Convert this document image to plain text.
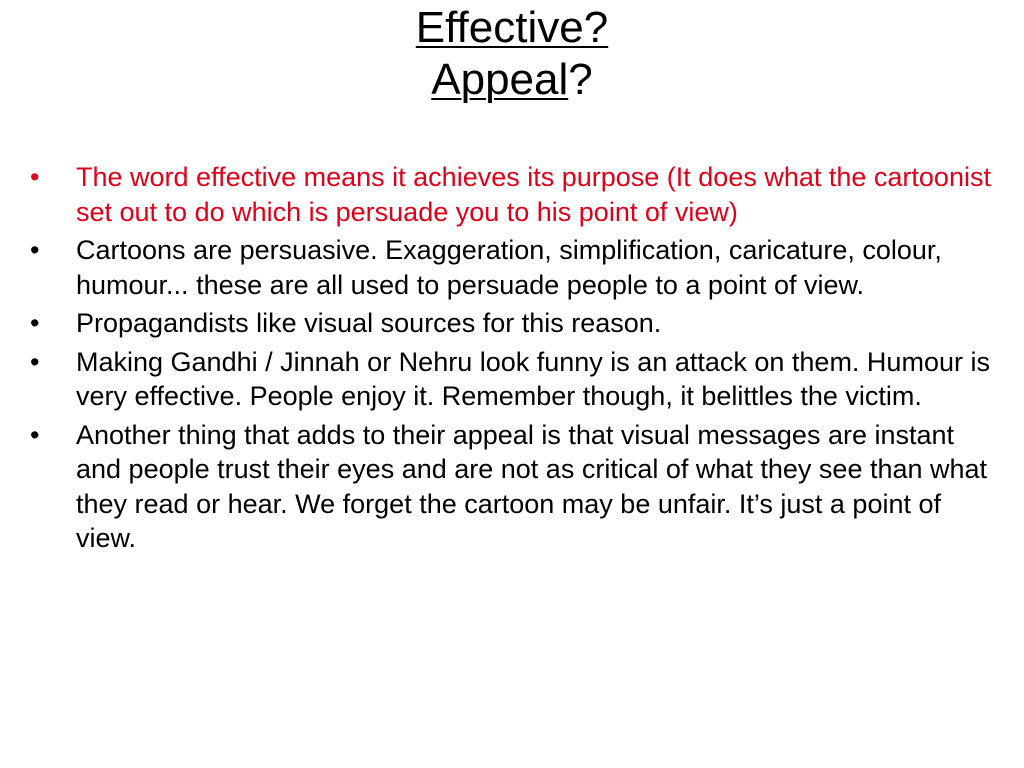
Effective?
Appeal?
•	The word effective means it achieves its purpose (It does what the cartoonist set out to do which is persuade you to his point of view)
•	Cartoons are persuasive. Exaggeration, simplification, caricature, colour, humour... these are all used to persuade people to a point of view.
•	Propagandists like visual sources for this reason.
•	Making Gandhi / Jinnah or Nehru look funny is an attack on them. Humour is very effective. People enjoy it. Remember though, it belittles the victim.
•	Another thing that adds to their appeal is that visual messages are instant and people trust their eyes and are not as critical of what they see than what they read or hear. We forget the cartoon may be unfair. It’s just a point of view.
